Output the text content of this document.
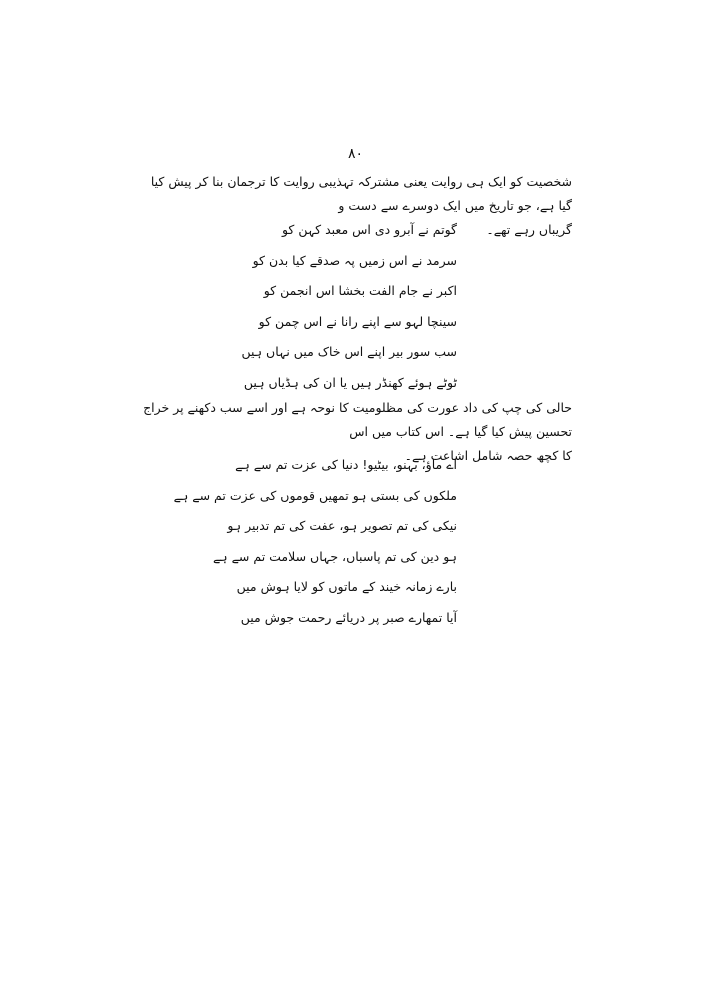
۸۰
شخصیت کو ایک ہی روایت یعنی مشترکہ تہذیبی روایت کا ترجمان بنا کر پیش کیا گیا ہے، جو تاریخ میں ایک دوسرے سے دست و
گریباں رہے تھے۔
گوتم نے آبرو دی اس معبد کہن کو
سرمد نے اس زمیں پہ صدقے کیا بدن کو
اکبر نے جام الفت بخشا اس انجمن کو
سینچا لہو سے اپنے رانا نے اس چمن کو
سب سور بیر اپنے اس خاک میں نہاں ہیں
ٹوٹے ہوئے کھنڈر ہیں یا ان کی ہڈیاں ہیں
حالی کی چپ کی داد عورت کی مظلومیت کا نوحہ ہے اور اسے سب دکھنے پر خراج تحسین پیش کیا گیا ہے۔ اس کتاب میں اس
کا کچھ حصہ شامل اشاعت ہے۔
اے ماؤ، بہنو، بیٹیو! دنیا کی عزت تم سے ہے
ملکوں کی بستی ہو تمھیں قوموں کی عزت تم سے ہے
نیکی کی تم تصویر ہو، عفت کی تم تدبیر ہو
ہو دین کی تم پاسباں، جہاں سلامت تم سے ہے
بارے زمانہ خیند کے ماتوں کو لایا ہوش میں
آیا تمھارے صبر پر دریائے رحمت جوش میں
